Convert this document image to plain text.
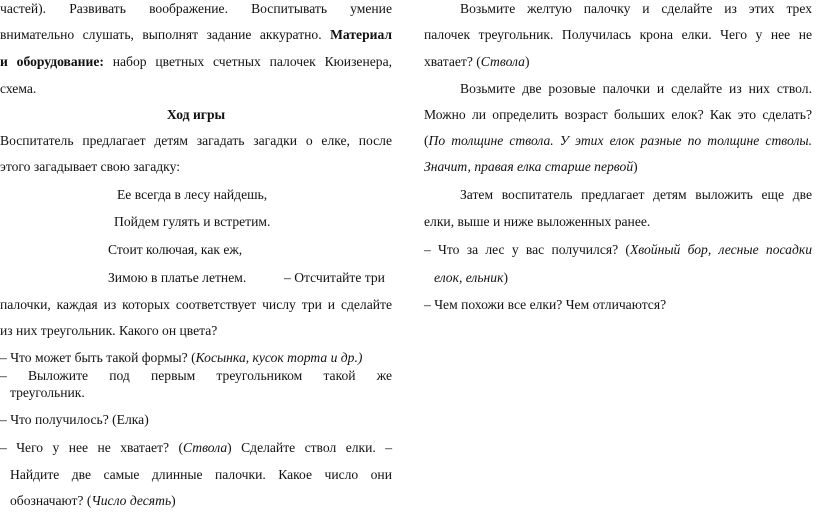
частей). Развивать воображение. Воспитывать умение
внимательно слушать, выполнят задание аккуратно. Материал
и оборудование: набор цветных счетных палочек Кюизенера,
схема.
Ход игры
Воспитатель предлагает детям загадать загадки о елке, после
этого загадывает свою загадку:
Ее всегда в лесу найдешь,
Пойдем гулять и встретим.
Стоит колючая, как еж,
Зимою в платье летнем.	– Отсчитайте три
палочки, каждая из которых соответствует числу три и сделайте
из них треугольник. Какого он цвета?
– Что может быть такой формы? (Косынка, кусок торта и др.)
– Выложите под первым треугольником такой же
треугольник.
– Что получилось? (Елка)
– Чего у нее не хватает? (Ствола) Сделайте ствол елки. –
Найдите две самые длинные палочки. Какое число они
обозначают? (Число десять)
Возьмите желтую палочку и сделайте из этих трех
палочек треугольник. Получилась крона елки. Чего у нее не
хватает? (Ствола)
Возьмите две розовые палочки и сделайте из них ствол.
Можно ли определить возраст больших елок? Как это сделать?
(По толщине ствола. У этих елок разные по толщине стволы.
Значит, правая елка старше первой)
Затем воспитатель предлагает детям выложить еще две
елки, выше и ниже выложенных ранее.
– Что за лес у вас получился? (Хвойный бор, лесные посадки
елок, ельник)
– Чем похожи все елки? Чем отличаются?
